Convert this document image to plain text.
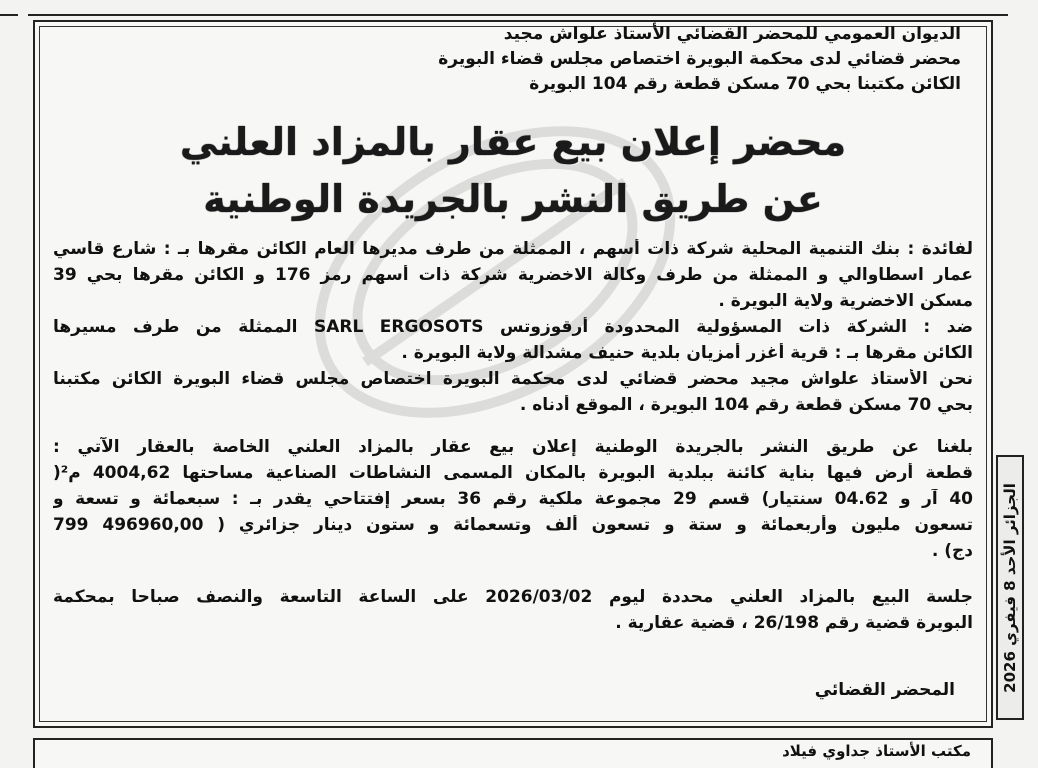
الديوان العمومي للمحضر القضائي الأستاذ علواش مجيد
محضر قضائي لدى محكمة البويرة اختصاص مجلس قضاء البويرة
الكائن مكتبنا بحي 70 مسكن قطعة رقم 104 البويرة
محضر إعلان بيع عقار بالمزاد العلني
عن طريق النشر بالجريدة الوطنية
لفائدة : بنك التنمية المحلية شركة ذات أسهم ، الممثلة من طرف مديرها العام الكائن مقرها بـ : شارع قاسي
عمار اسطاوالي و الممثلة من طرف وكالة الاخضرية شركة ذات أسهم رمز 176 و الكائن مقرها بحي 39
مسكن الاخضرية ولاية البويرة .
ضد : الشركة ذات المسؤولية المحدودة أرقوزوتس SARL ERGOSOTS الممثلة من طرف مسيرها
الكائن مقرها بـ : قرية أغزر أمزيان بلدية حنيف مشدالة ولاية البويرة .
نحن الأستاذ علواش مجيد محضر قضائي لدى محكمة البويرة اختصاص مجلس قضاء البويرة الكائن مكتبنا
بحي 70 مسكن قطعة رقم 104 البويرة ، الموقع أدناه .
بلغنا عن طريق النشر بالجريدة الوطنية إعلان بيع عقار بالمزاد العلني الخاصة بالعقار الآتي :
قطعة أرض فيها بناية كائنة ببلدية البويرة بالمكان المسمى النشاطات الصناعية مساحتها 4004,62 م²(
40 آر و 04.62 سنتيار) قسم 29 مجموعة ملكية رقم 36 بسعر إفتتاحي يقدر بـ : سبعمائة و تسعة و
تسعون مليون وأربعمائة و ستة و تسعون ألف وتسعمائة و ستون دينار جزائري ( 496960,00 799
دج) .
جلسة البيع بالمزاد العلني محددة ليوم 2026/03/02 على الساعة التاسعة والنصف صباحا بمحكمة
البويرة قضية رقم 26/198 ، قضية عقارية .
المحضر القضائي	الجزائر الأحد 8 فيفري 2026
مكتب الأستاذ جداوي فيلاد
